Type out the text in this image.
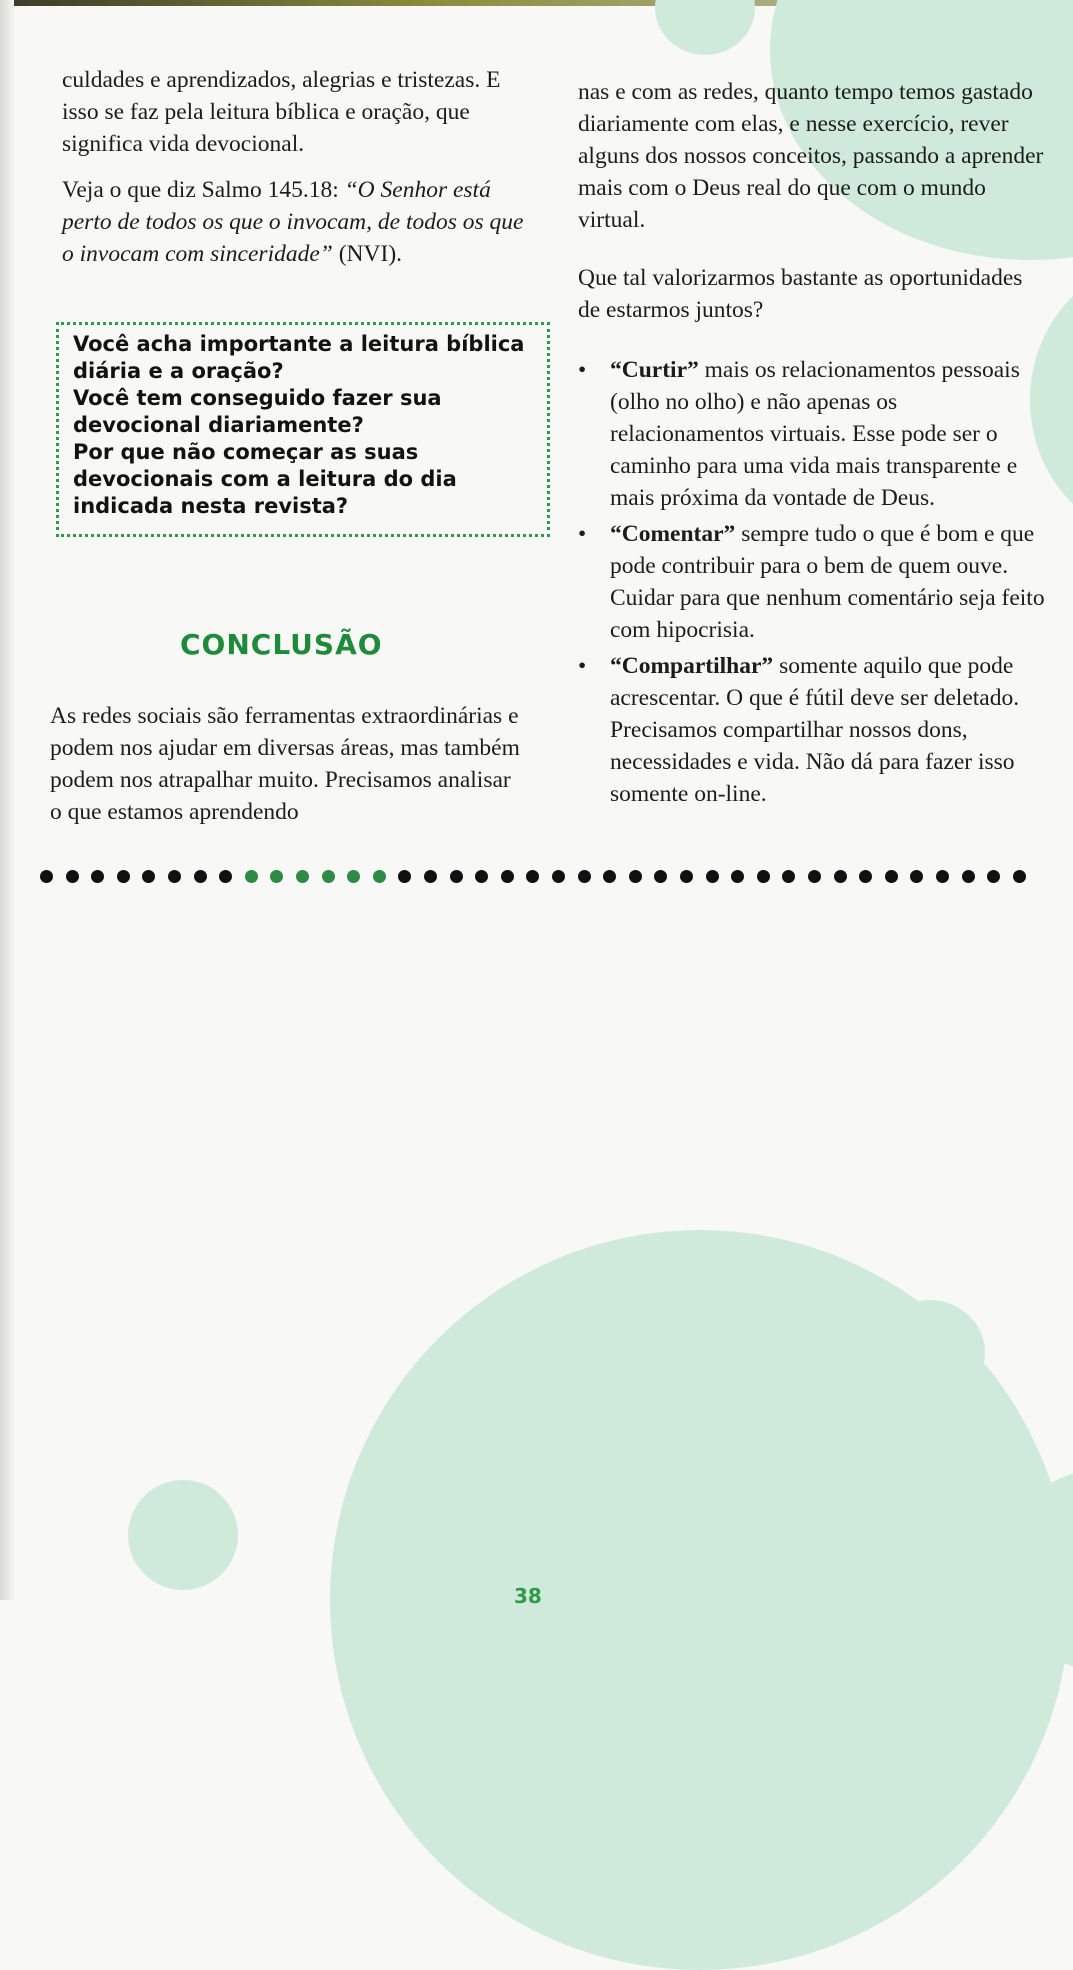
culdades e aprendizados, alegrias e tristezas. E isso se faz pela leitura bíblica e oração, que significa vida devocional.

Veja o que diz Salmo 145.18: “O Senhor está perto de todos os que o invocam, de todos os que o invocam com sinceridade” (NVI).

Você acha importante a leitura bíblica diária e a oração?

Você tem conseguido fazer sua devocional diariamente?

Por que não começar as suas devocionais com a leitura do dia indicada nesta revista?

CONCLUSÃO

As redes sociais são ferramentas extraordinárias e podem nos ajudar em diversas áreas, mas também podem nos atrapalhar muito. Precisamos analisar o que estamos aprendendo

nas e com as redes, quanto tempo temos gastado diariamente com elas, e nesse exercício, rever alguns dos nossos conceitos, passando a aprender mais com o Deus real do que com o mundo virtual.

Que tal valorizarmos bastante as oportunidades de estarmos juntos?

• “Curtir” mais os relacionamentos pessoais (olho no olho) e não apenas os relacionamentos virtuais. Esse pode ser o caminho para uma vida mais transparente e mais próxima da vontade de Deus.
• “Comentar” sempre tudo o que é bom e que pode contribuir para o bem de quem ouve. Cuidar para que nenhum comentário seja feito com hipocrisia.
• “Compartilhar” somente aquilo que pode acrescentar. O que é fútil deve ser deletado. Precisamos compartilhar nossos dons, necessidades e vida. Não dá para fazer isso somente on-line.
38
